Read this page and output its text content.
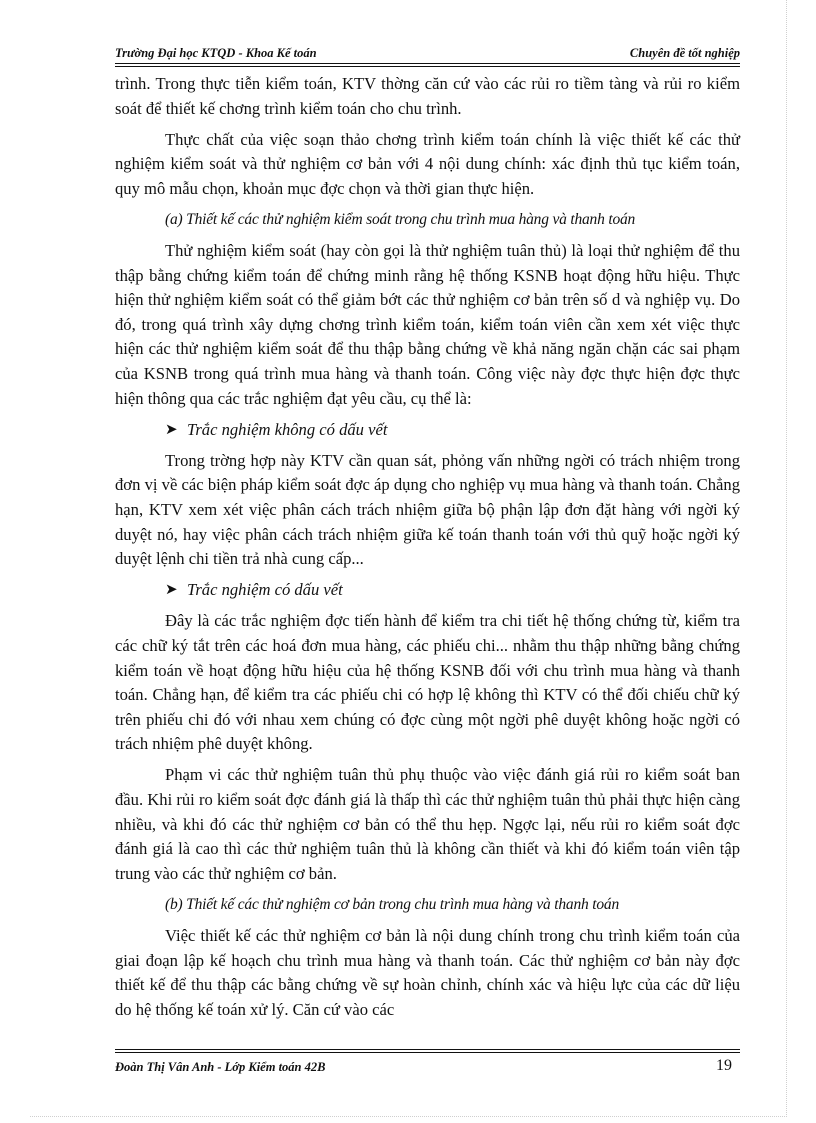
Trường Đại học KTQD - Khoa Kế toán	Chuyên đề tốt nghiệp

trình. Trong thực tiễn kiểm toán, KTV thờng căn cứ vào các rủi ro tiềm tàng và rủi ro kiểm soát để thiết kế chơng trình kiểm toán cho chu trình.

Thực chất của việc soạn thảo chơng trình kiểm toán chính là việc thiết kế các thử nghiệm kiểm soát và thử nghiệm cơ bản với 4 nội dung chính: xác định thủ tục kiểm toán, quy mô mẫu chọn, khoản mục đợc chọn và thời gian thực hiện.

(a) Thiết kế các thử nghiệm kiểm soát trong chu trình mua hàng và thanh toán

Thử nghiệm kiểm soát (hay còn gọi là thử nghiệm tuân thủ) là loại thử nghiệm để thu thập bằng chứng kiểm toán để chứng minh rằng hệ thống KSNB hoạt động hữu hiệu. Thực hiện thử nghiệm kiểm soát có thể giảm bớt các thử nghiệm cơ bản trên số d và nghiệp vụ. Do đó, trong quá trình xây dựng chơng trình kiểm toán, kiểm toán viên cần xem xét việc thực hiện các thử nghiệm kiểm soát để thu thập bằng chứng về khả năng ngăn chặn các sai phạm của KSNB trong quá trình mua hàng và thanh toán. Công việc này đợc thực hiện đợc thực hiện thông qua các trắc nghiệm đạt yêu cầu, cụ thể là:

➤ Trắc nghiệm không có dấu vết

Trong trờng hợp này KTV cần quan sát, phỏng vấn những ngời có trách nhiệm trong đơn vị về các biện pháp kiểm soát đợc áp dụng cho nghiệp vụ mua hàng và thanh toán. Chẳng hạn, KTV xem xét việc phân cách trách nhiệm giữa bộ phận lập đơn đặt hàng với ngời ký duyệt nó, hay việc phân cách trách nhiệm giữa kế toán thanh toán với thủ quỹ hoặc ngời ký duyệt lệnh chi tiền trả nhà cung cấp...

➤ Trắc nghiệm có dấu vết

Đây là các trắc nghiệm đợc tiến hành để kiểm tra chi tiết hệ thống chứng từ, kiểm tra các chữ ký tắt trên các hoá đơn mua hàng, các phiếu chi... nhằm thu thập những bằng chứng kiểm toán về hoạt động hữu hiệu của hệ thống KSNB đối với chu trình mua hàng và thanh toán. Chẳng hạn, để kiểm tra các phiếu chi có hợp lệ không thì KTV có thể đối chiếu chữ ký trên phiếu chi đó với nhau xem chúng có đợc cùng một ngời phê duyệt không hoặc ngời có trách nhiệm phê duyệt không.

Phạm vi các thử nghiệm tuân thủ phụ thuộc vào việc đánh giá rủi ro kiểm soát ban đầu. Khi rủi ro kiểm soát đợc đánh giá là thấp thì các thử nghiệm tuân thủ phải thực hiện càng nhiều, và khi đó các thử nghiệm cơ bản có thể thu hẹp. Ngợc lại, nếu rủi ro kiểm soát đợc đánh giá là cao thì các thử nghiệm tuân thủ là không cần thiết và khi đó kiểm toán viên tập trung vào các thử nghiệm cơ bản.

(b) Thiết kế các thử nghiệm cơ bản trong chu trình mua hàng và thanh toán

Việc thiết kế các thử nghiệm cơ bản là nội dung chính trong chu trình kiểm toán của giai đoạn lập kế hoạch chu trình mua hàng và thanh toán. Các thử nghiệm cơ bản này đợc thiết kế để thu thập các bằng chứng về sự hoàn chỉnh, chính xác và hiệu lực của các dữ liệu do hệ thống kế toán xử lý. Căn cứ vào các

Đoàn Thị Vân Anh - Lớp Kiểm toán 42B	19
